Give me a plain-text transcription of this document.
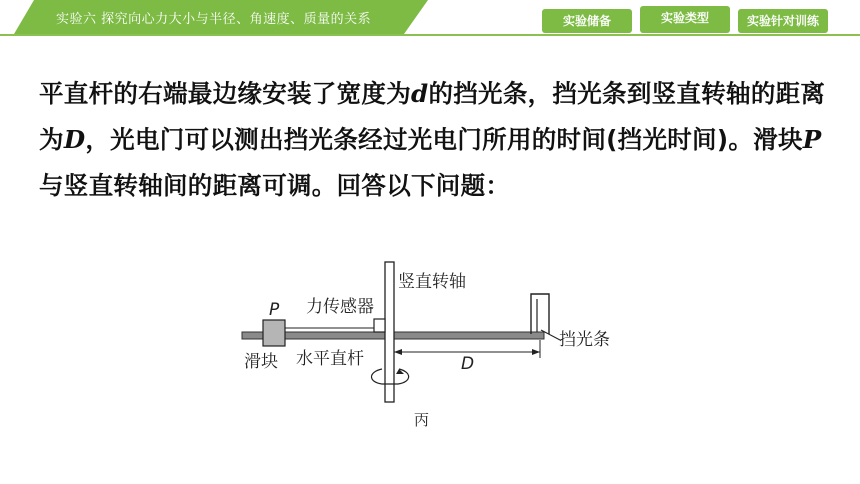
实验六 探究向心力大小与半径、角速度、质量的关系	实验储备	实验类型	实验针对训练
平直杆的右端最边缘安装了宽度为d的挡光条，挡光条到竖直转轴的距离为D，光电门可以测出挡光条经过光电门所用的时间(挡光时间)。滑块P与竖直转轴间的距离可调。回答以下问题：
P 力传感器
竖直转轴
滑块 水平直杆	D
挡光条
丙
